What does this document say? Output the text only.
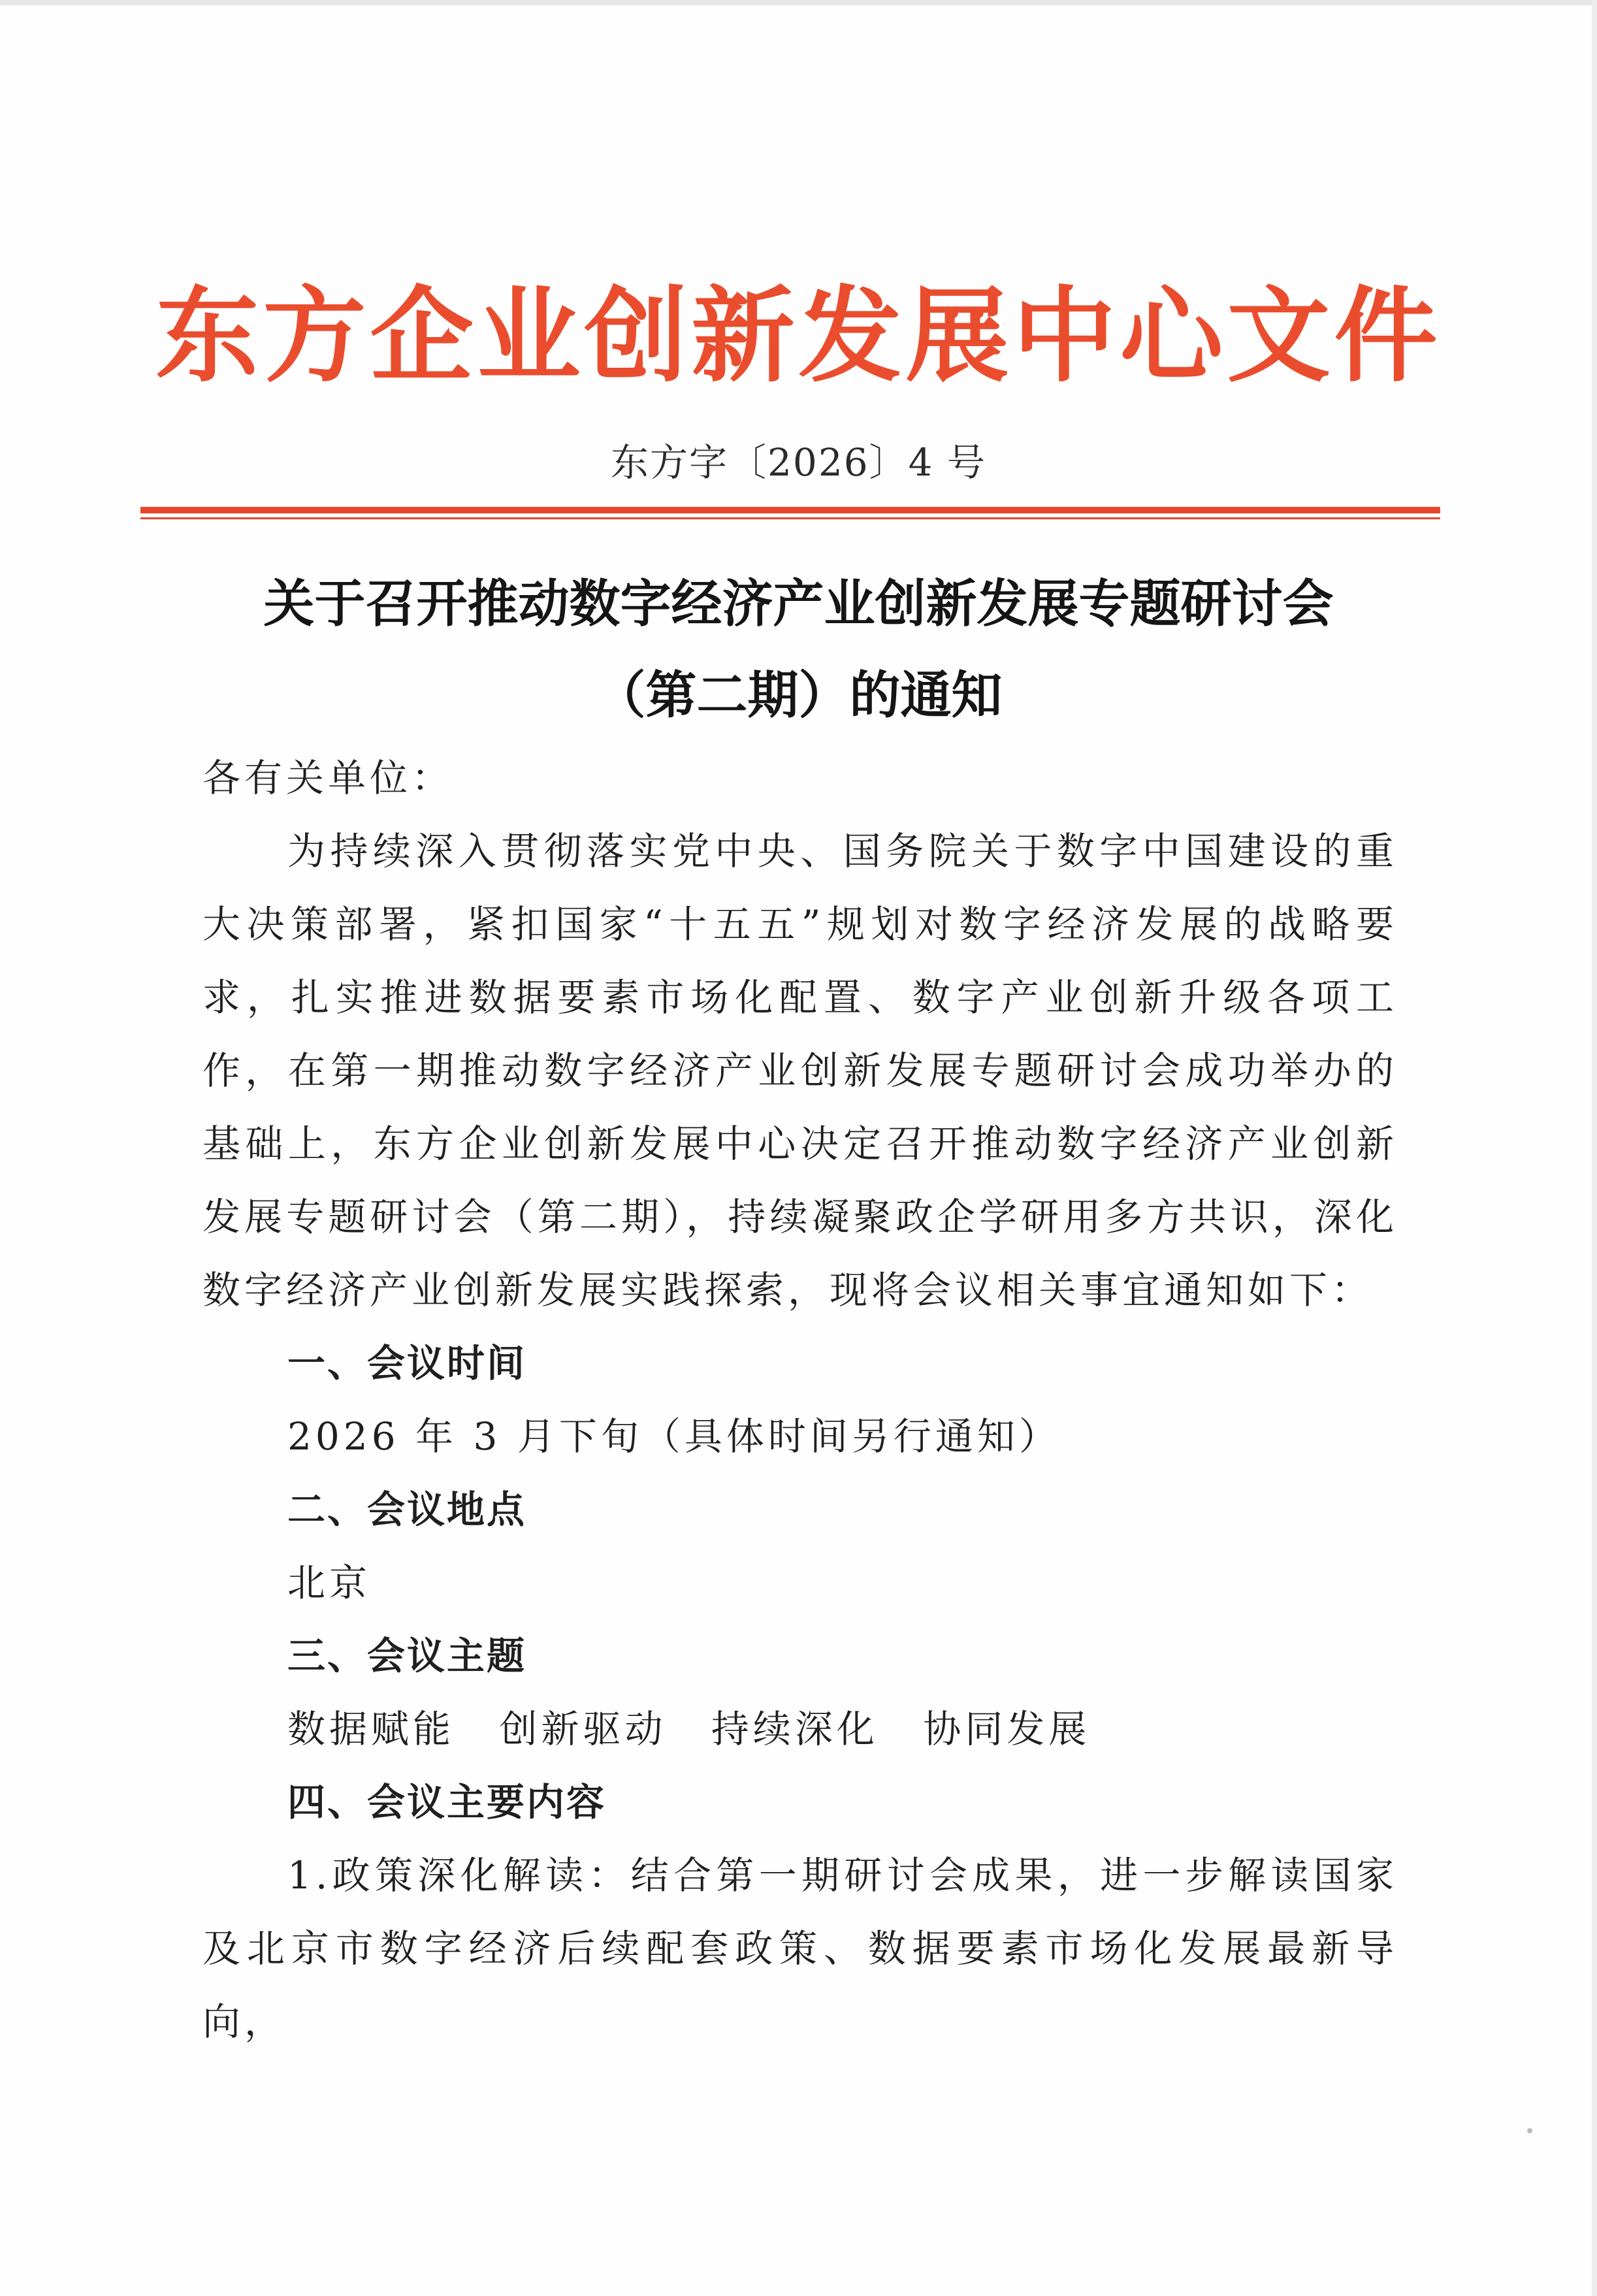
东方企业创新发展中心文件
东方字〔2026〕4 号
关于召开推动数字经济产业创新发展专题研讨会
（第二期）的通知
各有关单位：

为持续深入贯彻落实党中央、国务院关于数字中国建设的重大决策部署，紧扣国家“十五五”规划对数字经济发展的战略要求，扎实推进数据要素市场化配置、数字产业创新升级各项工作，在第一期推动数字经济产业创新发展专题研讨会成功举办的基础上，东方企业创新发展中心决定召开推动数字经济产业创新发展专题研讨会（第二期），持续凝聚政企学研用多方共识，深化数字经济产业创新发展实践探索，现将会议相关事宜通知如下：

一、会议时间
2026 年 3 月下旬（具体时间另行通知）
二、会议地点
北京
三、会议主题
数据赋能 创新驱动 持续深化 协同发展
四、会议主要内容

1.政策深化解读：结合第一期研讨会成果，进一步解读国家及北京市数字经济后续配套政策、数据要素市场化发展最新导向，
